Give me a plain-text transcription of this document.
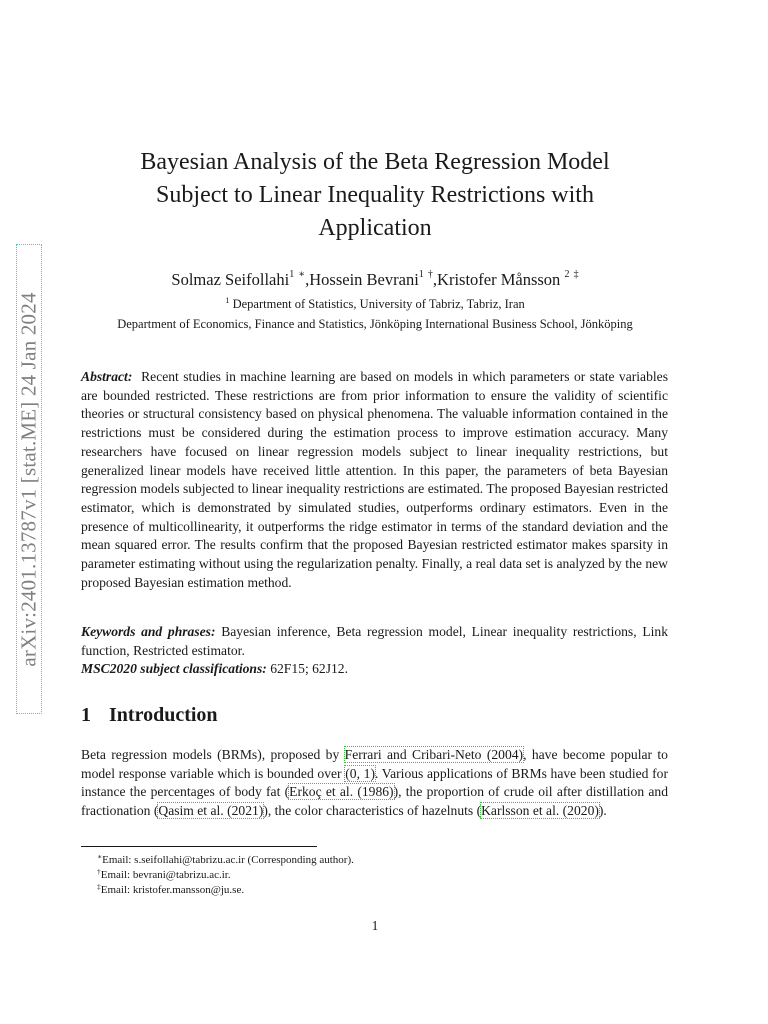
arXiv:2401.13787v1 [stat.ME] 24 Jan 2024
Bayesian Analysis of the Beta Regression Model
Subject to Linear Inequality Restrictions with
Application
Solmaz Seifollahi$^1$ ∗,Hossein Bevrani$^1$ †,Kristofer Månsson $^2$ ‡
$^1$ Department of Statistics, University of Tabriz, Tabriz, Iran
Department of Economics, Finance and Statistics, Jönköping International Business School, Jönköping

Abstract: Recent studies in machine learning are based on models in which parameters or state variables are bounded restricted. These restrictions are from prior information to ensure the validity of scientific theories or structural consistency based on physical phenomena. The valuable information contained in the restrictions must be considered during the estimation process to improve estimation accuracy. Many researchers have focused on linear regression models subject to linear inequality restrictions, but generalized linear models have received little attention. In this paper, the parameters of beta Bayesian regression models subjected to linear inequality restrictions are estimated. The proposed Bayesian restricted estimator, which is demonstrated by simulated studies, outperforms ordinary estimators. Even in the presence of multicollinearity, it outperforms the ridge estimator in terms of the standard deviation and the mean squared error. The results confirm that the proposed Bayesian restricted estimator makes sparsity in parameter estimating without using the regularization penalty. Finally, a real data set is analyzed by the new proposed Bayesian estimation method.

Keywords and phrases: Bayesian inference, Beta regression model, Linear inequality restrictions, Link function, Restricted estimator.

MSC2020 subject classifications: 62F15; 62J12.

1 Introduction

Beta regression models (BRMs), proposed by Ferrari and Cribari-Neto (2004), have become popular to model response variable which is bounded over (0, 1). Various applications of BRMs have been studied for instance the percentages of body fat (Erkoç et al. (1986)), the proportion of crude oil after distillation and fractionation (Qasim et al. (2021)), the color characteristics of hazelnuts (Karlsson et al. (2020)).

∗Email: s.seifollahi@tabrizu.ac.ir (Corresponding author).
†Email: bevrani@tabrizu.ac.ir.
‡Email: kristofer.mansson@ju.se.
1
